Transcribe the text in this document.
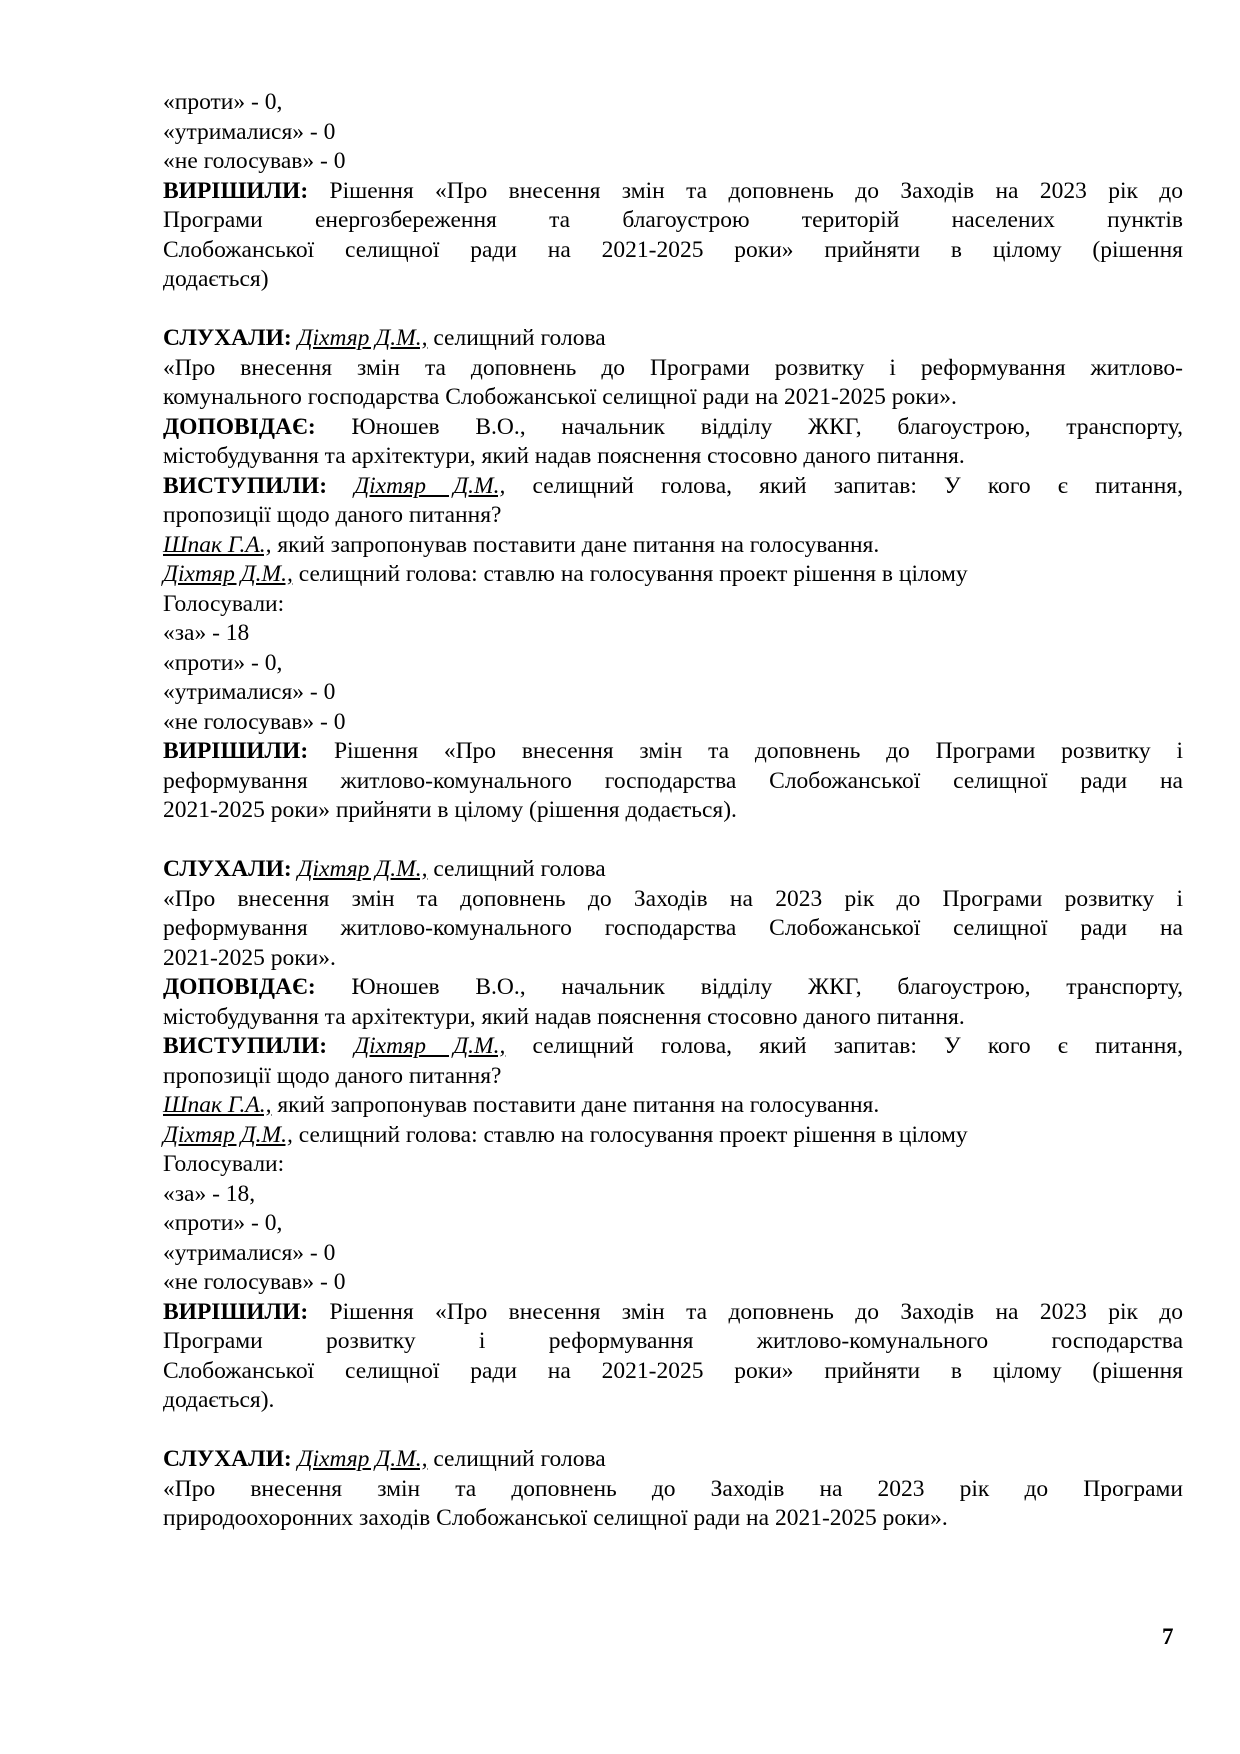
«проти» - 0,
«утрималися» - 0
«не голосував» - 0
ВИРІШИЛИ: Рішення «Про внесення змін та доповнень до Заходів на 2023 рік до
Програми енергозбереження та благоустрою територій населених пунктів
Слобожанської селищної ради на 2021-2025 роки» прийняти в цілому (рішення
додається)
СЛУХАЛИ: Діхтяр Д.М., селищний голова
«Про внесення змін та доповнень до Програми розвитку і реформування житлово-
комунального господарства Слобожанської селищної ради на 2021-2025 роки».
ДОПОВІДАЄ: Юношев В.О., начальник відділу ЖКГ, благоустрою, транспорту,
містобудування та архітектури, який надав пояснення стосовно даного питання.
ВИСТУПИЛИ: Діхтяр Д.М., селищний голова, який запитав: У кого є питання,
пропозиції щодо даного питання?
Шпак Г.А., який запропонував поставити дане питання на голосування.
Діхтяр Д.М., селищний голова: ставлю на голосування проект рішення в цілому
Голосували:
«за» - 18
«проти» - 0,
«утрималися» - 0
«не голосував» - 0
ВИРІШИЛИ: Рішення «Про внесення змін та доповнень до Програми розвитку і
реформування житлово-комунального господарства Слобожанської селищної ради на
2021-2025 роки» прийняти в цілому (рішення додається).
СЛУХАЛИ: Діхтяр Д.М., селищний голова
«Про внесення змін та доповнень до Заходів на 2023 рік до Програми розвитку і
реформування житлово-комунального господарства Слобожанської селищної ради на
2021-2025 роки».
ДОПОВІДАЄ: Юношев В.О., начальник відділу ЖКГ, благоустрою, транспорту,
містобудування та архітектури, який надав пояснення стосовно даного питання.
ВИСТУПИЛИ: Діхтяр Д.М., селищний голова, який запитав: У кого є питання,
пропозиції щодо даного питання?
Шпак Г.А., який запропонував поставити дане питання на голосування.
Діхтяр Д.М., селищний голова: ставлю на голосування проект рішення в цілому
Голосували:
«за» - 18,
«проти» - 0,
«утрималися» - 0
«не голосував» - 0
ВИРІШИЛИ: Рішення «Про внесення змін та доповнень до Заходів на 2023 рік до
Програми розвитку і реформування житлово-комунального господарства
Слобожанської селищної ради на 2021-2025 роки» прийняти в цілому (рішення
додається).
СЛУХАЛИ: Діхтяр Д.М., селищний голова
«Про внесення змін та доповнень до Заходів на 2023 рік до Програми
природоохоронних заходів Слобожанської селищної ради на 2021-2025 роки».
7
